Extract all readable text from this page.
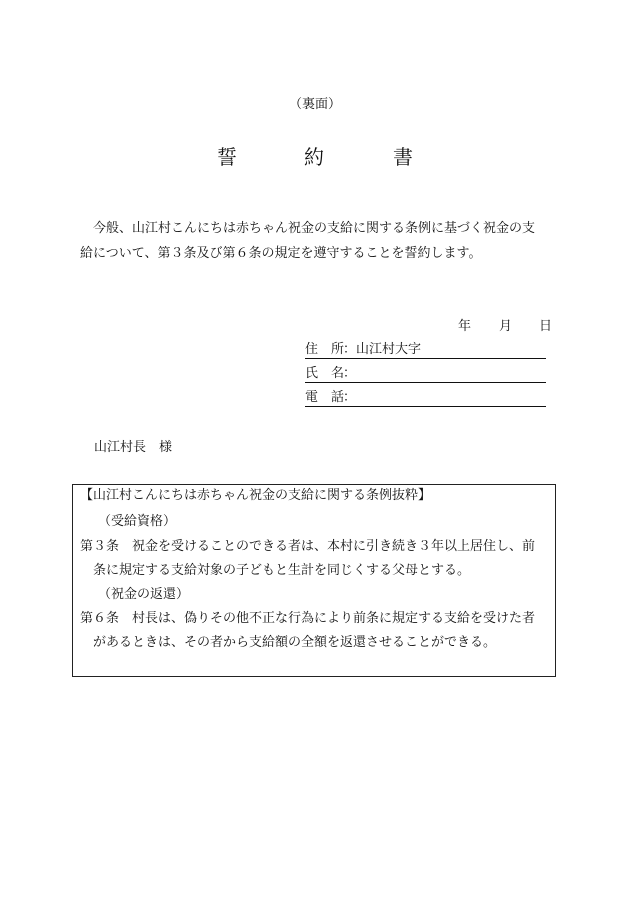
（裏面）
誓	約	書
今般、山江村こんにちは赤ちゃん祝金の支給に関する条例に基づく祝金の支
給について、第３条及び第６条の規定を遵守することを誓約します。
年 月 日
住 所
： 山江村大字
氏 名
：
電 話
：
山江村長　様
【山江村こんにちは赤ちゃん祝金の支給に関する条例抜粋】
（受給資格）
第３条　祝金を受けることのできる者は、本村に引き続き３年以上居住し、前
条に規定する支給対象の子どもと生計を同じくする父母とする。
（祝金の返還）
第６条　村長は、偽りその他不正な行為により前条に規定する支給を受けた者
があるときは、その者から支給額の全額を返還させることができる。
